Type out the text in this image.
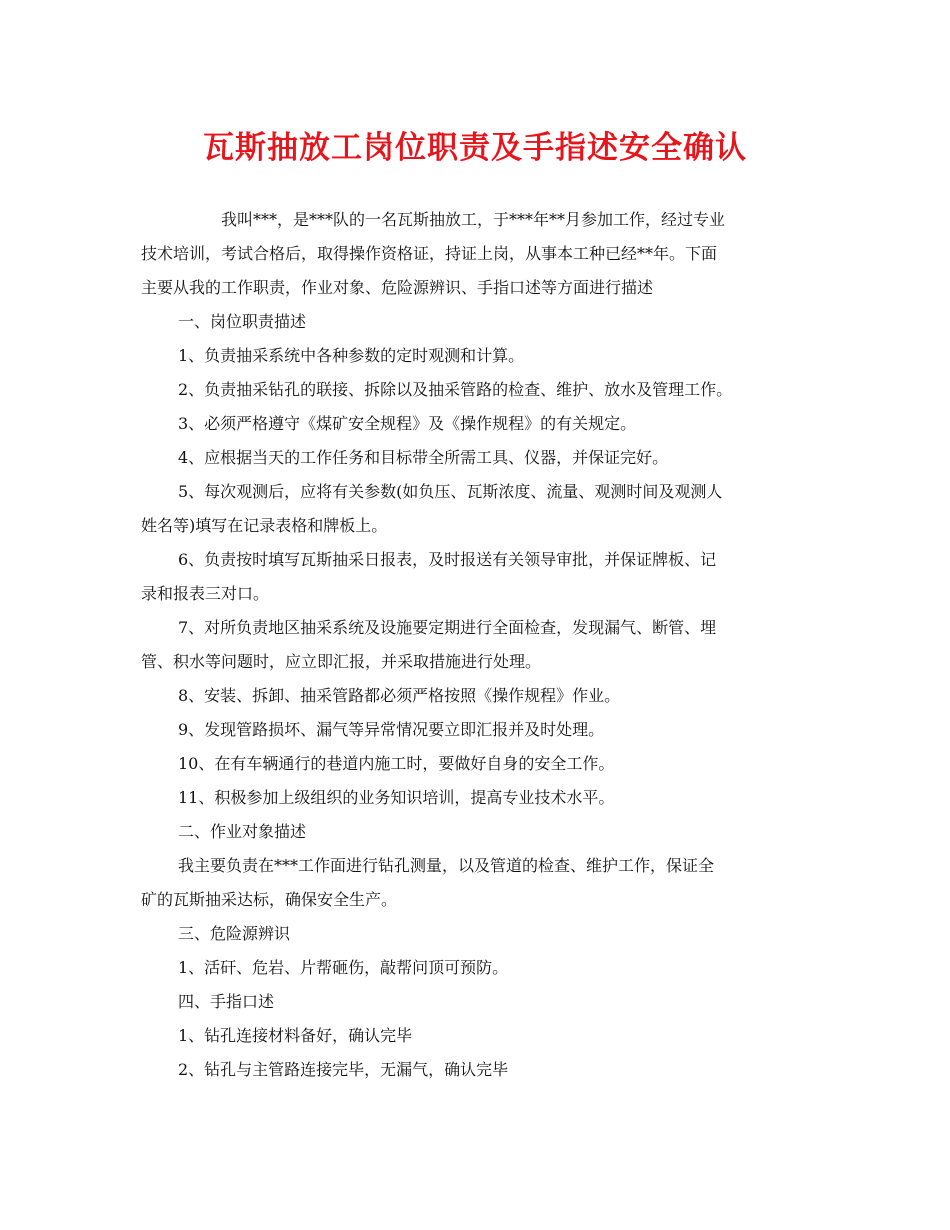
瓦斯抽放工岗位职责及手指述安全确认

我叫***，是***队的一名瓦斯抽放工，于***年**月参加工作，经过专业

技术培训，考试合格后，取得操作资格证，持证上岗，从事本工种已经**年。下面

主要从我的工作职责，作业对象、危险源辨识、手指口述等方面进行描述

一、岗位职责描述

1、负责抽采系统中各种参数的定时观测和计算。

2、负责抽采钻孔的联接、拆除以及抽采管路的检查、维护、放水及管理工作。

3、必须严格遵守《煤矿安全规程》及《操作规程》的有关规定。

4、应根据当天的工作任务和目标带全所需工具、仪器，并保证完好。

5、每次观测后，应将有关参数(如负压、瓦斯浓度、流量、观测时间及观测人

姓名等)填写在记录表格和牌板上。

6、负责按时填写瓦斯抽采日报表，及时报送有关领导审批，并保证牌板、记

录和报表三对口。

7、对所负责地区抽采系统及设施要定期进行全面检查，发现漏气、断管、埋

管、积水等问题时，应立即汇报，并采取措施进行处理。

8、安装、拆卸、抽采管路都必须严格按照《操作规程》作业。

9、发现管路损坏、漏气等异常情况要立即汇报并及时处理。

10、在有车辆通行的巷道内施工时，要做好自身的安全工作。

11、积极参加上级组织的业务知识培训，提高专业技术水平。

二、作业对象描述

我主要负责在***工作面进行钻孔测量，以及管道的检查、维护工作，保证全

矿的瓦斯抽采达标，确保安全生产。

三、危险源辨识

1、活矸、危岩、片帮砸伤，敲帮问顶可预防。

四、手指口述

1、钻孔连接材料备好，确认完毕

2、钻孔与主管路连接完毕，无漏气，确认完毕
